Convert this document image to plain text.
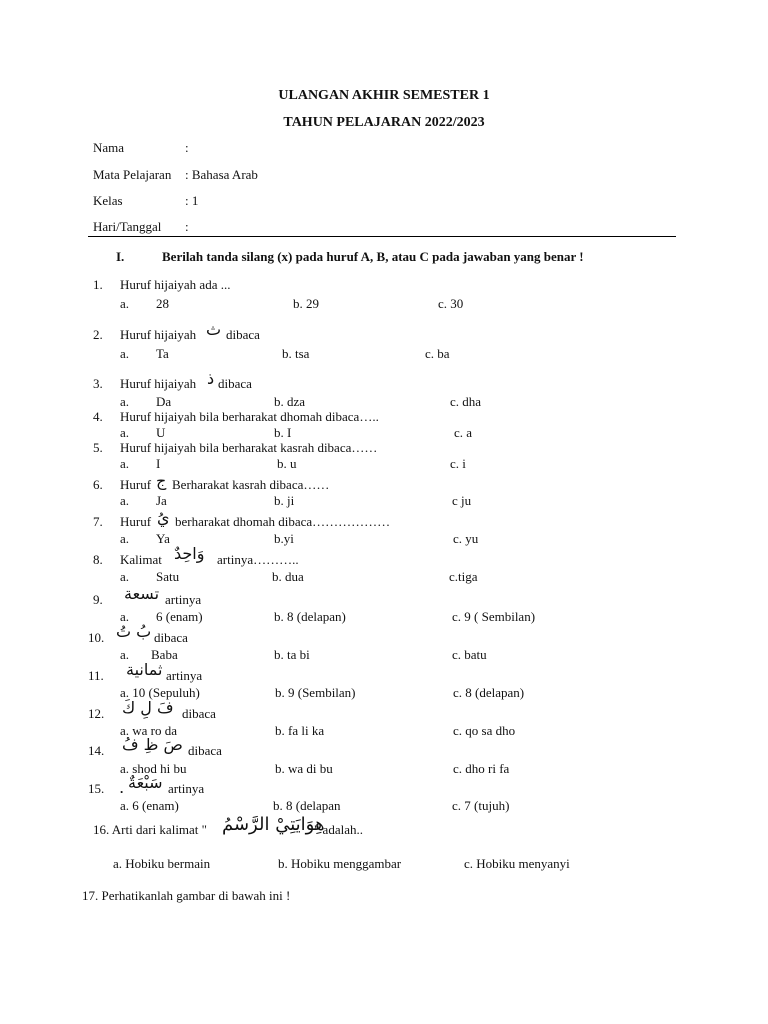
ULANGAN AKHIR SEMESTER 1
TAHUN PELAJARAN 2022/2023
Nama	:
Mata Pelajaran : Bahasa Arab
Kelas	: 1
Hari/Tanggal :
I.	Berilah tanda silang (x) pada huruf A, B, atau C pada jawaban yang benar !
1. Huruf hijaiyah ada ...
a. 28	b. 29	c. 30
2. Huruf hijaiyah ث dibaca
a. Ta	b. tsa	c. ba
3. Huruf hijaiyah ذ dibaca
a. Da	b. dza	c. dha
4. Huruf hijaiyah bila berharakat dhomah dibaca…..
a. U	b. I	c. a
5. Huruf hijaiyah bila berharakat kasrah dibaca……
a. I	b. u	c. i
6. Huruf ج Berharakat kasrah dibaca……
a. Ja	b. ji	c ju
7. Huruf يُ berharakat dhomah dibaca………………
a. Ya	b.yi	c. yu
8. Kalimat وَاحِدٌ artinya………..
a. Satu	b. dua	c.tiga
9. تسعة artinya
a. 6 (enam)	b. 8 (delapan)	c. 9 ( Sembilan)
10. بُ تُ dibaca
a. Baba	b. ta bi	c. batu
11. ثمانية artinya
a. 10 (Sepuluh)	b. 9 (Sembilan)	c. 8 (delapan)
12. فَ لِ كَ dibaca
a. wa ro da	b. fa li ka	c. qo sa dho
14. صَ ظِ فُ dibaca
a. shod hi bu	b. wa di bu	c. dho ri fa
15. . سَبْعَةٌ artinya
a. 6 (enam)	b. 8 (delapan	c. 7 (tujuh)
16. Arti dari kalimat " هِوَايَتِيْ الرَّسْمُ
" adalah..
a. Hobiku bermain	b. Hobiku menggambar	c. Hobiku menyanyi
17. Perhatikanlah gambar di bawah ini !
